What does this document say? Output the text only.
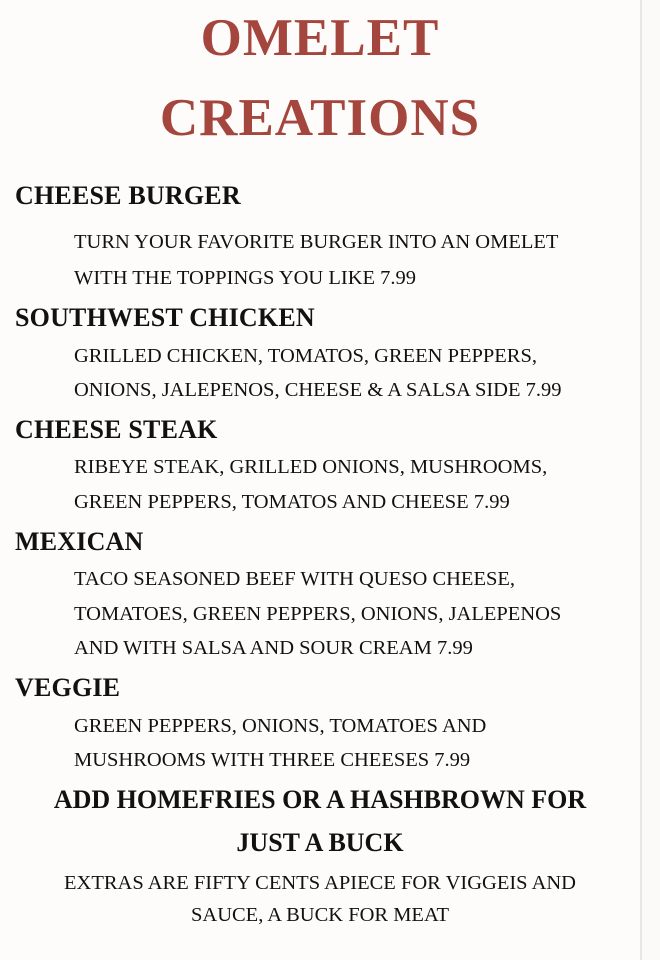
OMELET
CREATIONS
CHEESE BURGER

TURN YOUR FAVORITE BURGER INTO AN OMELET

WITH THE TOPPINGS YOU LIKE 7.99

SOUTHWEST CHICKEN

GRILLED CHICKEN, TOMATOS, GREEN PEPPERS,

ONIONS, JALEPENOS, CHEESE & A SALSA SIDE 7.99

CHEESE STEAK

RIBEYE STEAK, GRILLED ONIONS, MUSHROOMS,

GREEN PEPPERS, TOMATOS AND CHEESE 7.99

MEXICAN

TACO SEASONED BEEF WITH QUESO CHEESE,

TOMATOES, GREEN PEPPERS, ONIONS, JALEPENOS

AND WITH SALSA AND SOUR CREAM 7.99

VEGGIE

GREEN PEPPERS, ONIONS, TOMATOES AND

MUSHROOMS WITH THREE CHEESES 7.99

ADD HOMEFRIES OR A HASHBROWN FOR
JUST A BUCK

EXTRAS ARE FIFTY CENTS APIECE FOR VIGGEIS AND

SAUCE, A BUCK FOR MEAT
